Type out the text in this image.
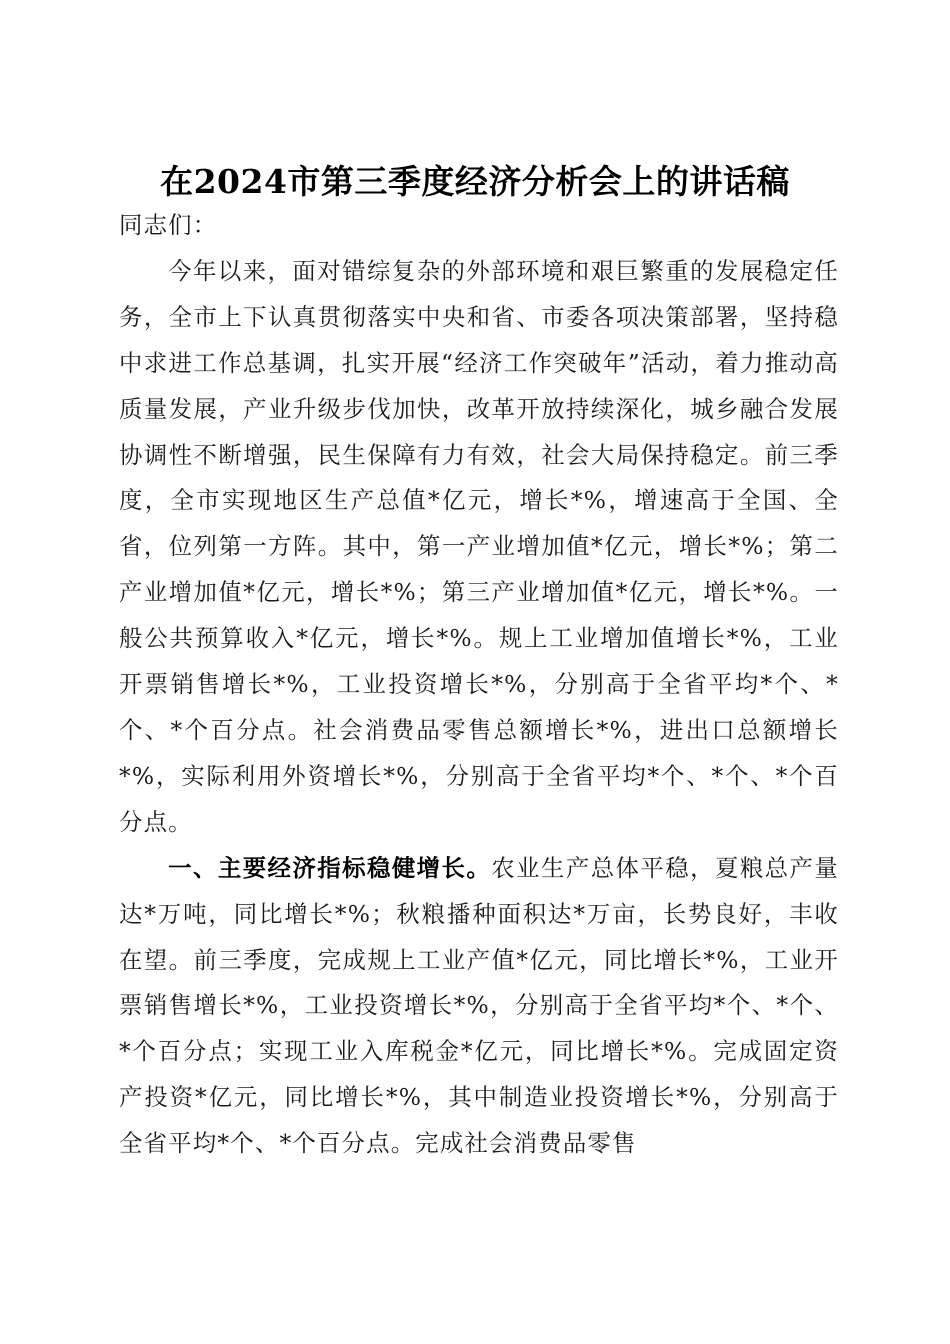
在2024市第三季度经济分析会上的讲话稿

同志们：

今年以来，面对错综复杂的外部环境和艰巨繁重的发展稳定任务，全市上下认真贯彻落实中央和省、市委各项决策部署，坚持稳中求进工作总基调，扎实开展“经济工作突破年”活动，着力推动高质量发展，产业升级步伐加快，改革开放持续深化，城乡融合发展协调性不断增强，民生保障有力有效，社会大局保持稳定。前三季度，全市实现地区生产总值*亿元，增长*%，增速高于全国、全省，位列第一方阵。其中，第一产业增加值*亿元，增长*%；第二产业增加值*亿元，增长*%；第三产业增加值*亿元，增长*%。一般公共预算收入*亿元，增长*%。规上工业增加值增长*%，工业开票销售增长*%，工业投资增长*%，分别高于全省平均*个、*个、*个百分点。社会消费品零售总额增长*%，进出口总额增长*%，实际利用外资增长*%，分别高于全省平均*个、*个、*个百分点。

一、主要经济指标稳健增长。农业生产总体平稳，夏粮总产量达*万吨，同比增长*%；秋粮播种面积达*万亩，长势良好，丰收在望。前三季度，完成规上工业产值*亿元，同比增长*%，工业开票销售增长*%，工业投资增长*%，分别高于全省平均*个、*个、*个百分点；实现工业入库税金*亿元，同比增长*%。完成固定资产投资*亿元，同比增长*%，其中制造业投资增长*%，分别高于全省平均*个、*个百分点。完成社会消费品零售
